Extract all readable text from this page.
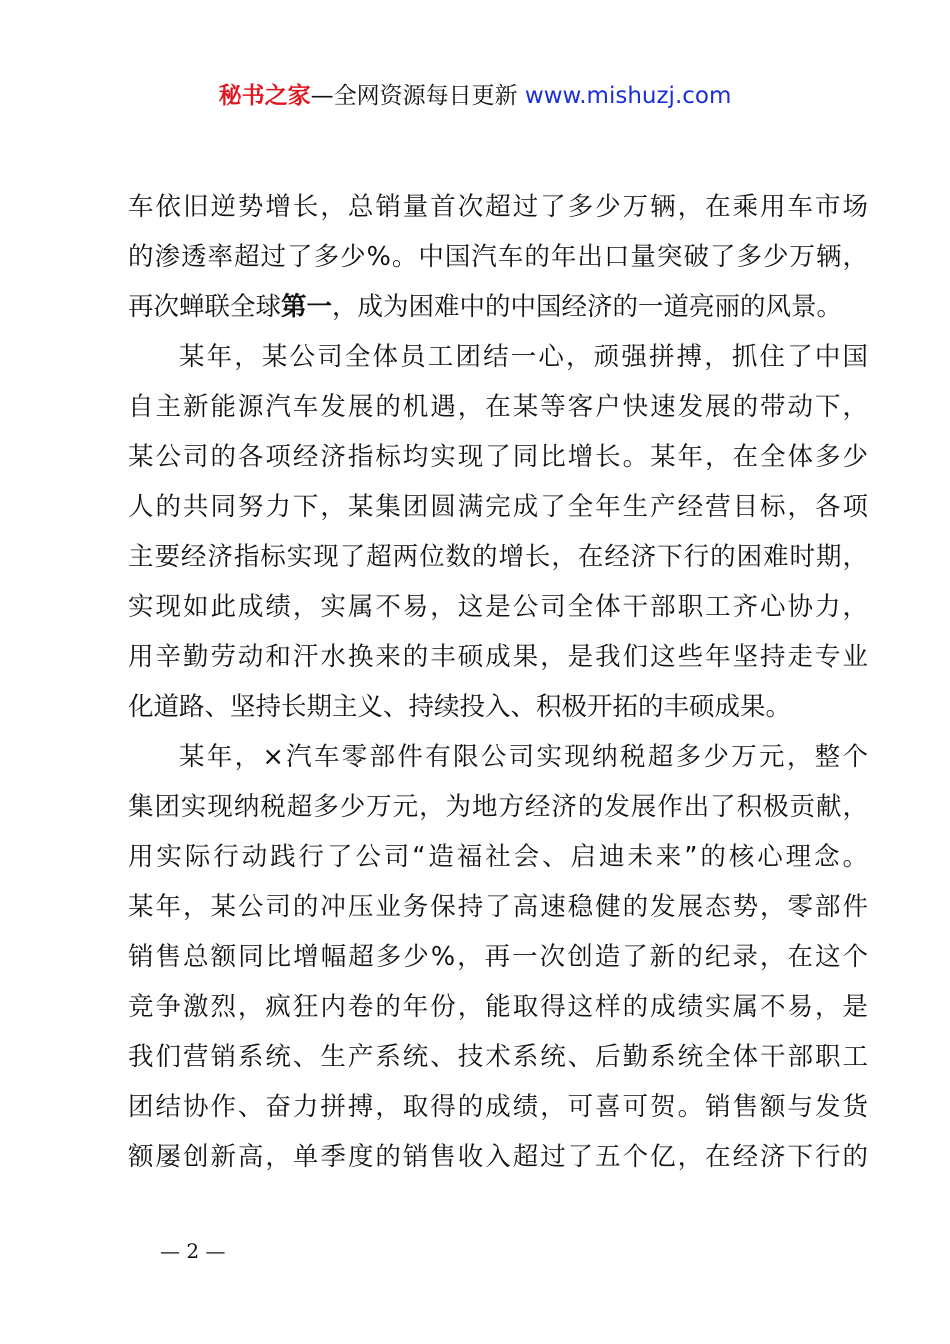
秘书之家—全网资源每日更新 www.mishuzj.com
车依旧逆势增长，总销量首次超过了多少万辆，在乘用车市场
的渗透率超过了多少%。中国汽车的年出口量突破了多少万辆，
再次蝉联全球第一，成为困难中的中国经济的一道亮丽的风景。
某年，某公司全体员工团结一心，顽强拼搏，抓住了中国
自主新能源汽车发展的机遇，在某等客户快速发展的带动下，
某公司的各项经济指标均实现了同比增长。某年，在全体多少
人的共同努力下，某集团圆满完成了全年生产经营目标，各项
主要经济指标实现了超两位数的增长，在经济下行的困难时期，
实现如此成绩，实属不易，这是公司全体干部职工齐心协力，
用辛勤劳动和汗水换来的丰硕成果，是我们这些年坚持走专业
化道路、坚持长期主义、持续投入、积极开拓的丰硕成果。
某年，×汽车零部件有限公司实现纳税超多少万元，整个
集团实现纳税超多少万元，为地方经济的发展作出了积极贡献，
用实际行动践行了公司“造福社会、启迪未来”的核心理念。
某年，某公司的冲压业务保持了高速稳健的发展态势，零部件
销售总额同比增幅超多少%，再一次创造了新的纪录，在这个
竞争激烈，疯狂内卷的年份，能取得这样的成绩实属不易，是
我们营销系统、生产系统、技术系统、后勤系统全体干部职工
团结协作、奋力拼搏，取得的成绩，可喜可贺。销售额与发货
额屡创新高，单季度的销售收入超过了五个亿，在经济下行的
— 2 —
